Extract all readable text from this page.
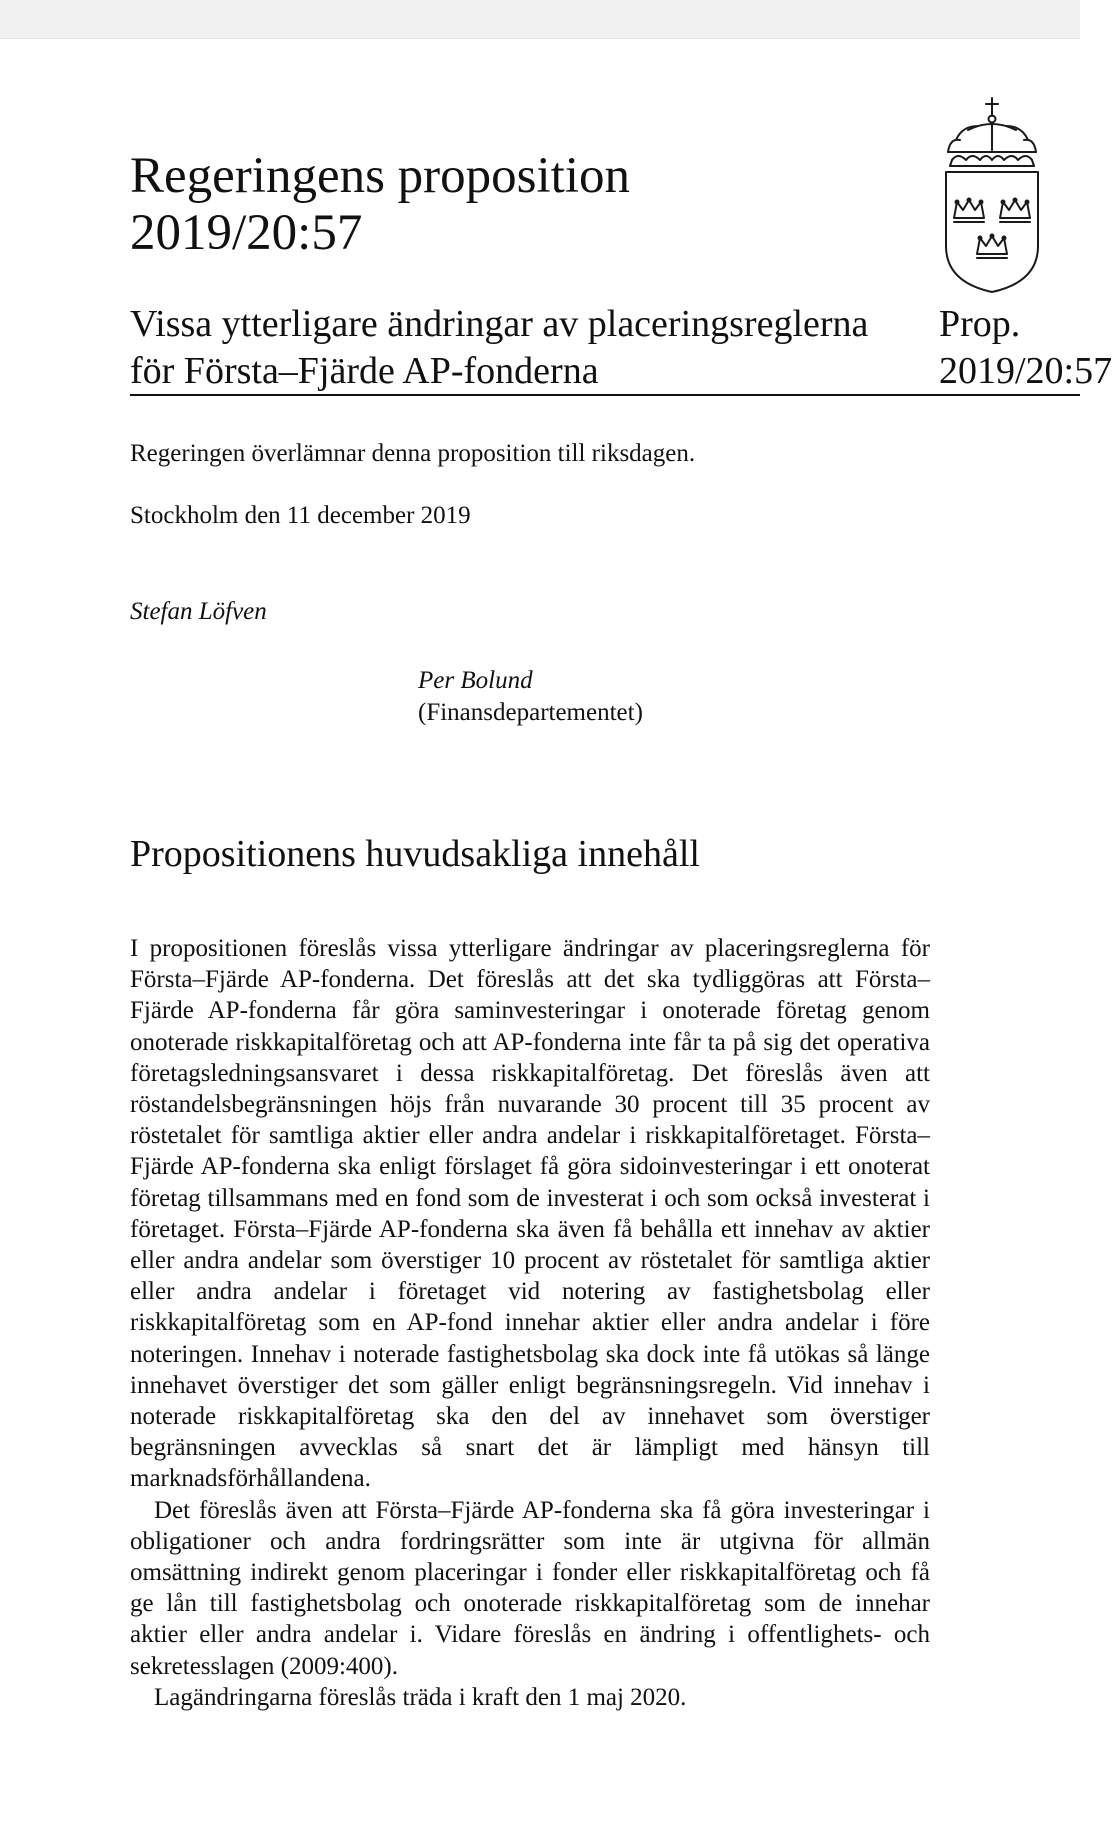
Regeringens proposition
2019/20:57
Vissa ytterligare ändringar av placeringsreglerna
för Första–Fjärde AP-fonderna
Prop.
2019/20:57

Regeringen överlämnar denna proposition till riksdagen.

Stockholm den 11 december 2019

Stefan Löfven

Per Bolund

(Finansdepartementet)

Propositionens huvudsakliga innehåll

I propositionen föreslås vissa ytterligare ändringar av placeringsreglerna för Första–Fjärde AP-fonderna. Det föreslås att det ska tydliggöras att Första–Fjärde AP-fonderna får göra saminvesteringar i onoterade företag genom onoterade riskkapitalföretag och att AP-fonderna inte får ta på sig det operativa företagsledningsansvaret i dessa riskkapitalföretag. Det föreslås även att röstandelsbegränsningen höjs från nuvarande 30 procent till 35 procent av röstetalet för samtliga aktier eller andra andelar i riskkapitalföretaget. Första–Fjärde AP-fonderna ska enligt förslaget få göra sidoinvesteringar i ett onoterat företag tillsammans med en fond som de investerat i och som också investerat i företaget. Första–Fjärde AP-fonderna ska även få behålla ett innehav av aktier eller andra andelar som överstiger 10 procent av röstetalet för samtliga aktier eller andra andelar i företaget vid notering av fastighetsbolag eller riskkapitalföretag som en AP-fond innehar aktier eller andra andelar i före noteringen. Innehav i noterade fastighetsbolag ska dock inte få utökas så länge innehavet överstiger det som gäller enligt begränsningsregeln. Vid innehav i noterade riskkapitalföretag ska den del av innehavet som överstiger begränsningen avvecklas så snart det är lämpligt med hänsyn till marknadsförhållandena.

Det föreslås även att Första–Fjärde AP-fonderna ska få göra investeringar i obligationer och andra fordringsrätter som inte är utgivna för allmän omsättning indirekt genom placeringar i fonder eller riskkapitalföretag och få ge lån till fastighetsbolag och onoterade riskkapitalföretag som de innehar aktier eller andra andelar i. Vidare föreslås en ändring i offentlighets- och sekretesslagen (2009:400).

Lagändringarna föreslås träda i kraft den 1 maj 2020.
